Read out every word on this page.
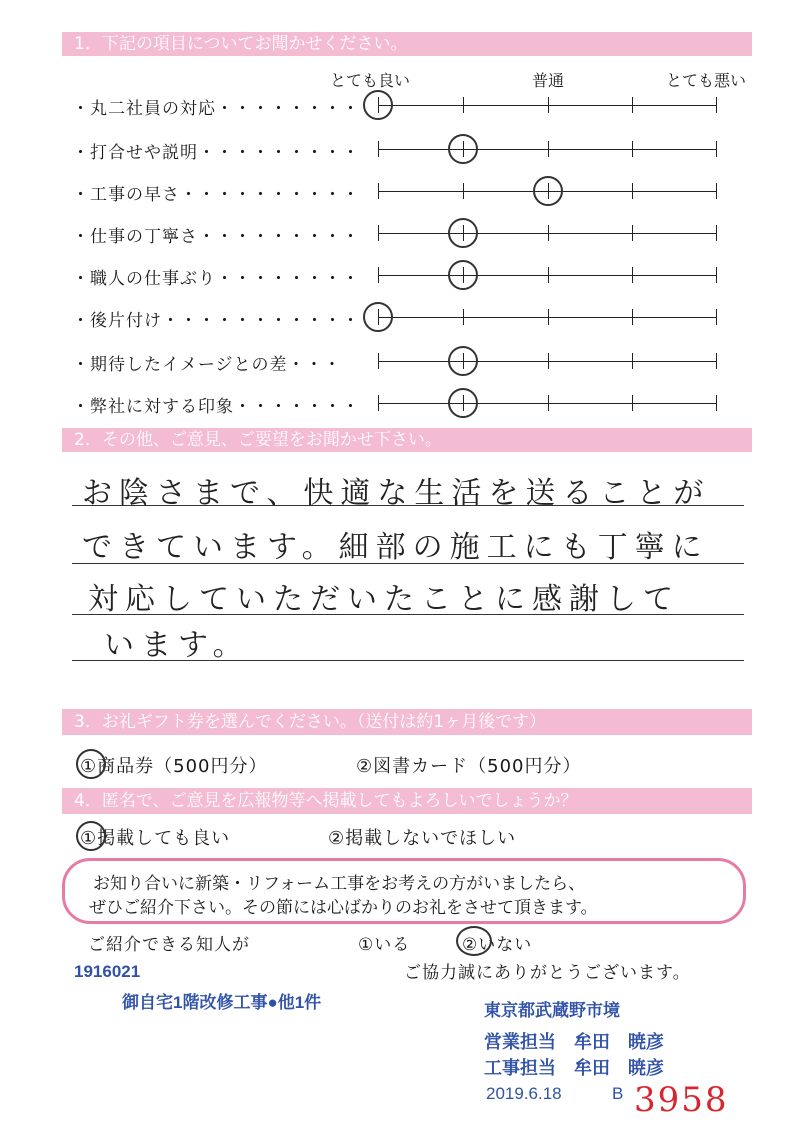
1．下記の項目についてお聞かせください。
とても良い	普通	とても悪い
・丸二社員の対応・・・・・・・・
・打合せや説明・・・・・・・・・
・工事の早さ・・・・・・・・・・
・仕事の丁寧さ・・・・・・・・・
・職人の仕事ぶり・・・・・・・・
・後片付け・・・・・・・・・・・
・期待したイメージとの差・・・
・弊社に対する印象・・・・・・・
2．その他、ご意見、ご要望をお聞かせ下さい。
お陰さまで、快適な生活を送ることが
できています。細部の施工にも丁寧に
対応していただいたことに感謝して
います。
3．お礼ギフト券を選んでください。（送付は約1ヶ月後です）
①商品券（500円分）	②図書カード（500円分）
4．匿名で、ご意見を広報物等へ掲載してもよろしいでしょうか？
①掲載しても良い	②掲載しないでほしい
お知り合いに新築・リフォーム工事をお考えの方がいましたら、
ぜひご紹介下さい。その節には心ばかりのお礼をさせて頂きます。
ご紹介できる知人が	①いる	②いない
ご協力誠にありがとうございます。
1916021
御自宅1階改修工事●他1件	東京都武蔵野市境
営業担当　牟田　暁彦
工事担当　牟田　暁彦
2019.6.18	B 3958
